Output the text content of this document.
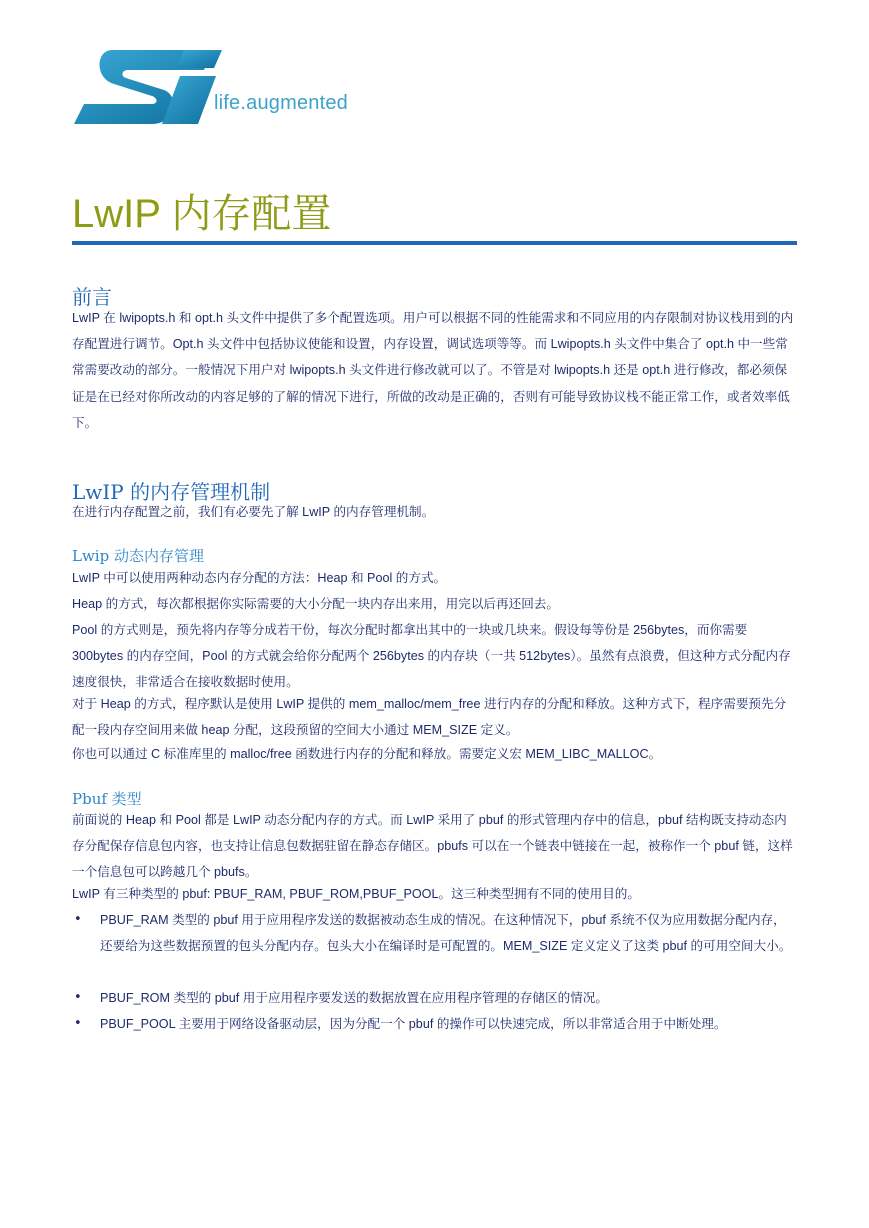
life.augmented
LwIP 内存配置
前言

LwIP 在 lwipopts.h 和 opt.h 头文件中提供了多个配置选项。用户可以根据不同的性能需求和不同应用的内存限制对协议栈用到的内存配置进行调节。Opt.h 头文件中包括协议使能和设置，内存设置，调试选项等等。而 Lwipopts.h 头文件中集合了 opt.h 中一些常常需要改动的部分。一般情况下用户对 lwipopts.h 头文件进行修改就可以了。不管是对 lwipopts.h 还是 opt.h 进行修改，都必须保证是在已经对你所改动的内容足够的了解的情况下进行，所做的改动是正确的，否则有可能导致协议栈不能正常工作，或者效率低下。

LwIP 的内存管理机制

在进行内存配置之前，我们有必要先了解 LwIP 的内存管理机制。

Lwip 动态内存管理

LwIP 中可以使用两种动态内存分配的方法：Heap 和 Pool 的方式。

Heap 的方式，每次都根据你实际需要的大小分配一块内存出来用，用完以后再还回去。

Pool 的方式则是，预先将内存等分成若干份，每次分配时都拿出其中的一块或几块来。假设每等份是 256bytes，而你需要 300bytes 的内存空间，Pool 的方式就会给你分配两个 256bytes 的内存块（一共 512bytes）。虽然有点浪费，但这种方式分配内存速度很快，非常适合在接收数据时使用。

对于 Heap 的方式，程序默认是使用 LwIP 提供的 mem_malloc/mem_free 进行内存的分配和释放。这种方式下，程序需要预先分配一段内存空间用来做 heap 分配，这段预留的空间大小通过 MEM_SIZE 定义。

你也可以通过 C 标准库里的 malloc/free 函数进行内存的分配和释放。需要定义宏 MEM_LIBC_MALLOC。

Pbuf 类型

前面说的 Heap 和 Pool 都是 LwIP 动态分配内存的方式。而 LwIP 采用了 pbuf 的形式管理内存中的信息，pbuf 结构既支持动态内存分配保存信息包内容，也支持让信息包数据驻留在静态存储区。pbufs 可以在一个链表中链接在一起，被称作一个 pbuf 链，这样一个信息包可以跨越几个 pbufs。

LwIP 有三种类型的 pbuf: PBUF_RAM, PBUF_ROM,PBUF_POOL。这三种类型拥有不同的使用目的。

• PBUF_RAM 类型的 pbuf 用于应用程序发送的数据被动态生成的情况。在这种情况下，pbuf 系统不仅为应用数据分配内存，还要给为这些数据预置的包头分配内存。包头大小在编译时是可配置的。MEM_SIZE 定义定义了这类 pbuf 的可用空间大小。

• PBUF_ROM 类型的 pbuf 用于应用程序要发送的数据放置在应用程序管理的存储区的情况。

• PBUF_POOL 主要用于网络设备驱动层，因为分配一个 pbuf 的操作可以快速完成，所以非常适合用于中断处理。
